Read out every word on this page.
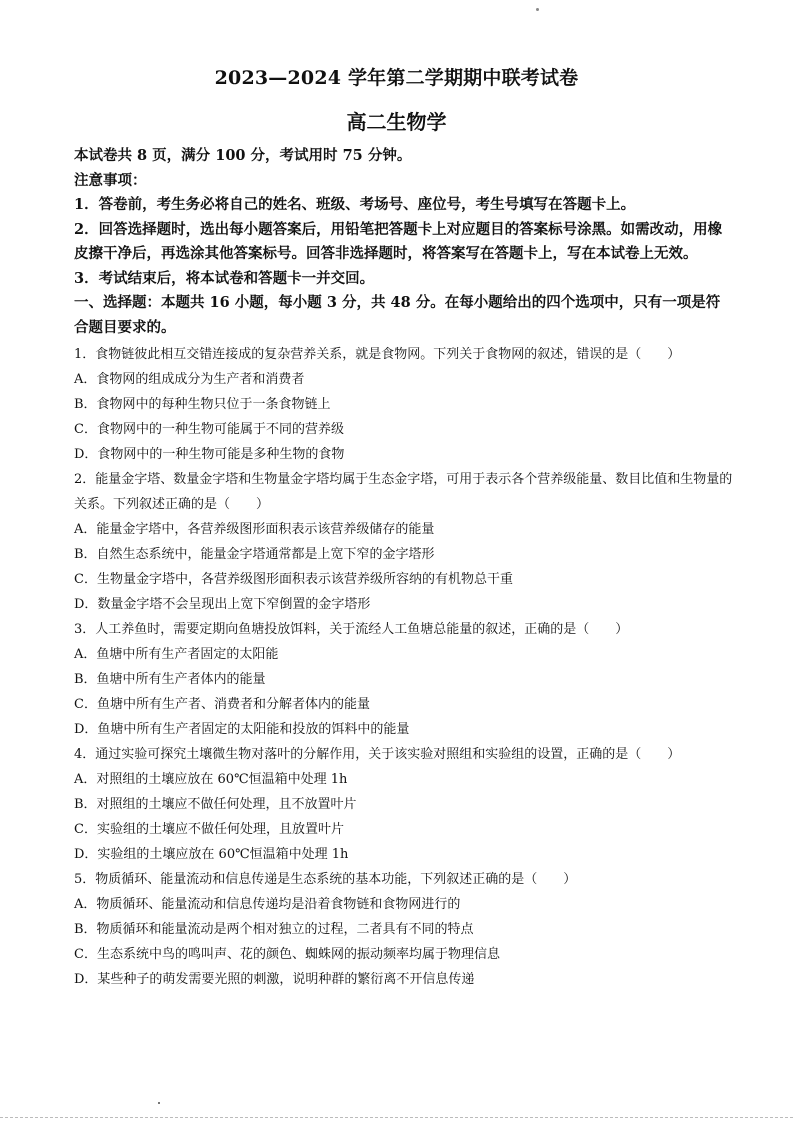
2023—2024 学年第二学期期中联考试卷
高二生物学

本试卷共 8 页，满分 100 分，考试用时 75 分钟。

注意事项：

1．答卷前，考生务必将自己的姓名、班级、考场号、座位号，考生号填写在答题卡上。

2．回答选择题时，选出每小题答案后，用铅笔把答题卡上对应题目的答案标号涂黑。如需改动，用橡皮擦干净后，再选涂其他答案标号。回答非选择题时，将答案写在答题卡上，写在本试卷上无效。

3．考试结束后，将本试卷和答题卡一并交回。

一、选择题：本题共 16 小题，每小题 3 分，共 48 分。在每小题给出的四个选项中，只有一项是符合题目要求的。

1．食物链彼此相互交错连接成的复杂营养关系，就是食物网。下列关于食物网的叙述，错误的是（　　）

A．食物网的组成成分为生产者和消费者

B．食物网中的每种生物只位于一条食物链上

C．食物网中的一种生物可能属于不同的营养级

D．食物网中的一种生物可能是多种生物的食物

2．能量金字塔、数量金字塔和生物量金字塔均属于生态金字塔，可用于表示各个营养级能量、数目比值和生物量的关系。下列叙述正确的是（　　）

A．能量金字塔中，各营养级图形面积表示该营养级储存的能量

B．自然生态系统中，能量金字塔通常都是上宽下窄的金字塔形

C．生物量金字塔中，各营养级图形面积表示该营养级所容纳的有机物总干重

D．数量金字塔不会呈现出上宽下窄倒置的金字塔形

3．人工养鱼时，需要定期向鱼塘投放饵料，关于流经人工鱼塘总能量的叙述，正确的是（　　）

A．鱼塘中所有生产者固定的太阳能

B．鱼塘中所有生产者体内的能量

C．鱼塘中所有生产者、消费者和分解者体内的能量

D．鱼塘中所有生产者固定的太阳能和投放的饵料中的能量

4．通过实验可探究土壤微生物对落叶的分解作用，关于该实验对照组和实验组的设置，正确的是（　　）

A．对照组的土壤应放在 60℃恒温箱中处理 1h

B．对照组的土壤应不做任何处理，且不放置叶片

C．实验组的土壤应不做任何处理，且放置叶片

D．实验组的土壤应放在 60℃恒温箱中处理 1h

5．物质循环、能量流动和信息传递是生态系统的基本功能，下列叙述正确的是（　　）

A．物质循环、能量流动和信息传递均是沿着食物链和食物网进行的

B．物质循环和能量流动是两个相对独立的过程，二者具有不同的特点

C．生态系统中鸟的鸣叫声、花的颜色、蜘蛛网的振动频率均属于物理信息

D．某些种子的萌发需要光照的刺激，说明种群的繁衍离不开信息传递
